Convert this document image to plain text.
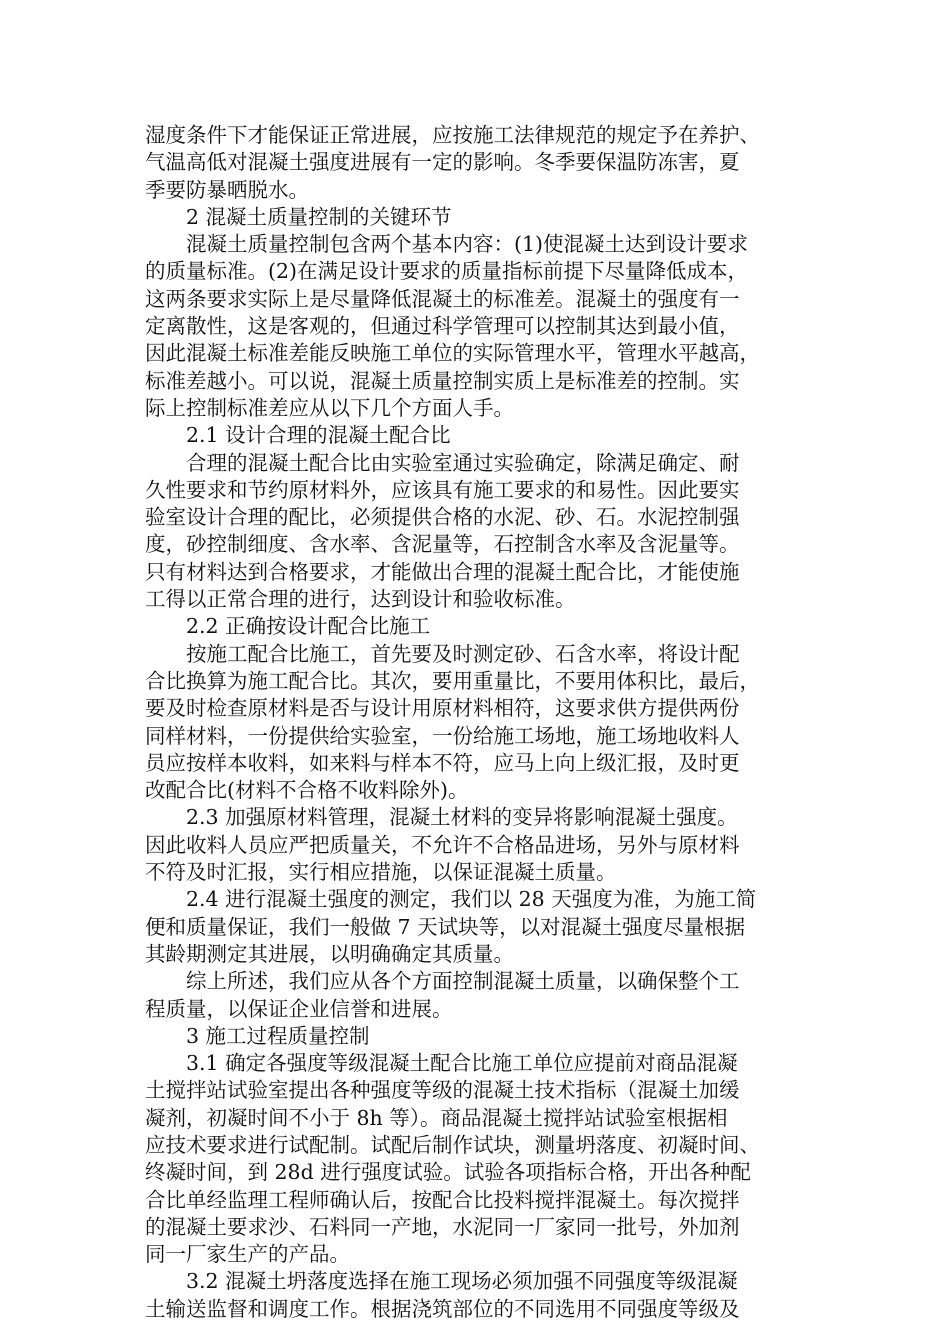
湿度条件下才能保证正常进展，应按施工法律规范的规定予在养护、
气温高低对混凝土强度进展有一定的影响。冬季要保温防冻害，夏
季要防暴晒脱水。
2 混凝土质量控制的关键环节
混凝土质量控制包含两个基本内容：(1)使混凝土达到设计要求
的质量标准。(2)在满足设计要求的质量指标前提下尽量降低成本，
这两条要求实际上是尽量降低混凝土的标准差。混凝土的强度有一
定离散性，这是客观的，但通过科学管理可以控制其达到最小值，
因此混凝土标准差能反映施工单位的实际管理水平，管理水平越高，
标准差越小。可以说，混凝土质量控制实质上是标准差的控制。实
际上控制标准差应从以下几个方面人手。
2.1 设计合理的混凝土配合比
合理的混凝土配合比由实验室通过实验确定，除满足确定、耐
久性要求和节约原材料外，应该具有施工要求的和易性。因此要实
验室设计合理的配比，必须提供合格的水泥、砂、石。水泥控制强
度，砂控制细度、含水率、含泥量等，石控制含水率及含泥量等。
只有材料达到合格要求，才能做出合理的混凝土配合比，才能使施
工得以正常合理的进行，达到设计和验收标准。
2.2 正确按设计配合比施工
按施工配合比施工，首先要及时测定砂、石含水率，将设计配
合比换算为施工配合比。其次，要用重量比，不要用体积比，最后，
要及时检查原材料是否与设计用原材料相符，这要求供方提供两份
同样材料，一份提供给实验室，一份给施工场地，施工场地收料人
员应按样本收料，如来料与样本不符，应马上向上级汇报，及时更
改配合比(材料不合格不收料除外)。
2.3 加强原材料管理，混凝土材料的变异将影响混凝土强度。
因此收料人员应严把质量关，不允许不合格品进场，另外与原材料
不符及时汇报，实行相应措施，以保证混凝土质量。
2.4 进行混凝土强度的测定，我们以 28 天强度为准，为施工简
便和质量保证，我们一般做 7 天试块等，以对混凝土强度尽量根据
其龄期测定其进展，以明确确定其质量。
综上所述，我们应从各个方面控制混凝土质量，以确保整个工
程质量，以保证企业信誉和进展。
3 施工过程质量控制
3.1 确定各强度等级混凝土配合比施工单位应提前对商品混凝
土搅拌站试验室提出各种强度等级的混凝土技术指标（混凝土加缓
凝剂，初凝时间不小于 8h 等）。商品混凝土搅拌站试验室根据相
应技术要求进行试配制。试配后制作试块，测量坍落度、初凝时间、
终凝时间，到 28d 进行强度试验。试验各项指标合格，开出各种配
合比单经监理工程师确认后，按配合比投料搅拌混凝土。每次搅拌
的混凝土要求沙、石料同一产地，水泥同一厂家同一批号，外加剂
同一厂家生产的产品。
3.2 混凝土坍落度选择在施工现场必须加强不同强度等级混凝
土输送监督和调度工作。根据浇筑部位的不同选用不同强度等级及
